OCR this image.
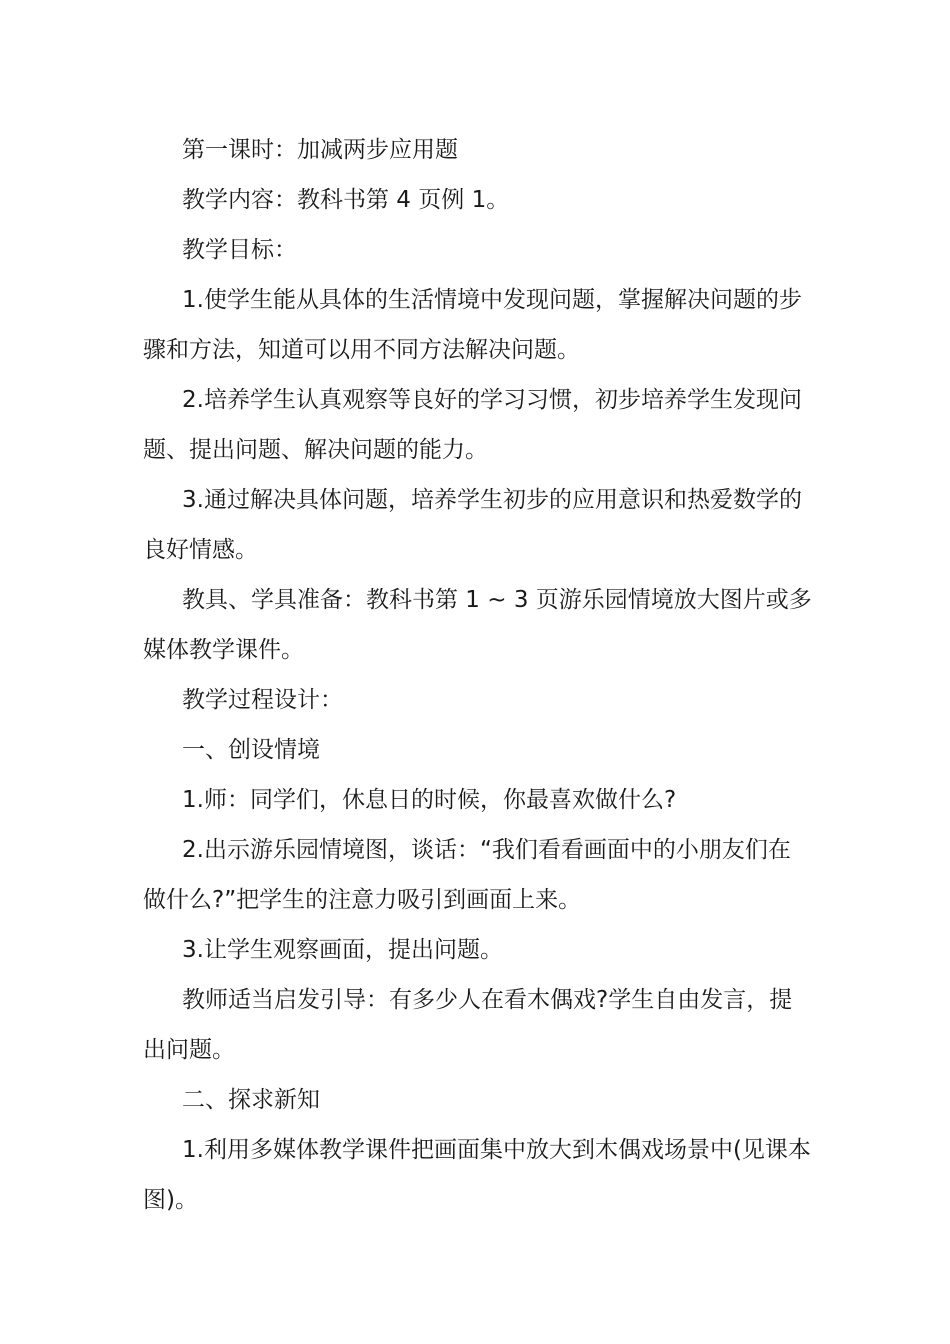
第一课时：加减两步应用题

教学内容：教科书第 4 页例 1。

教学目标：

1.使学生能从具体的生活情境中发现问题，掌握解决问题的步骤和方法，知道可以用不同方法解决问题。

2.培养学生认真观察等良好的学习习惯，初步培养学生发现问题、提出问题、解决问题的能力。

3.通过解决具体问题，培养学生初步的应用意识和热爱数学的良好情感。

教具、学具准备：教科书第 1 ~ 3 页游乐园情境放大图片或多媒体教学课件。

教学过程设计：

一、创设情境

1.师：同学们，休息日的时候，你最喜欢做什么?

2.出示游乐园情境图，谈话：“我们看看画面中的小朋友们在做什么?”把学生的注意力吸引到画面上来。

3.让学生观察画面，提出问题。

教师适当启发引导：有多少人在看木偶戏?学生自由发言，提出问题。

二、探求新知

1.利用多媒体教学课件把画面集中放大到木偶戏场景中(见课本图)。
